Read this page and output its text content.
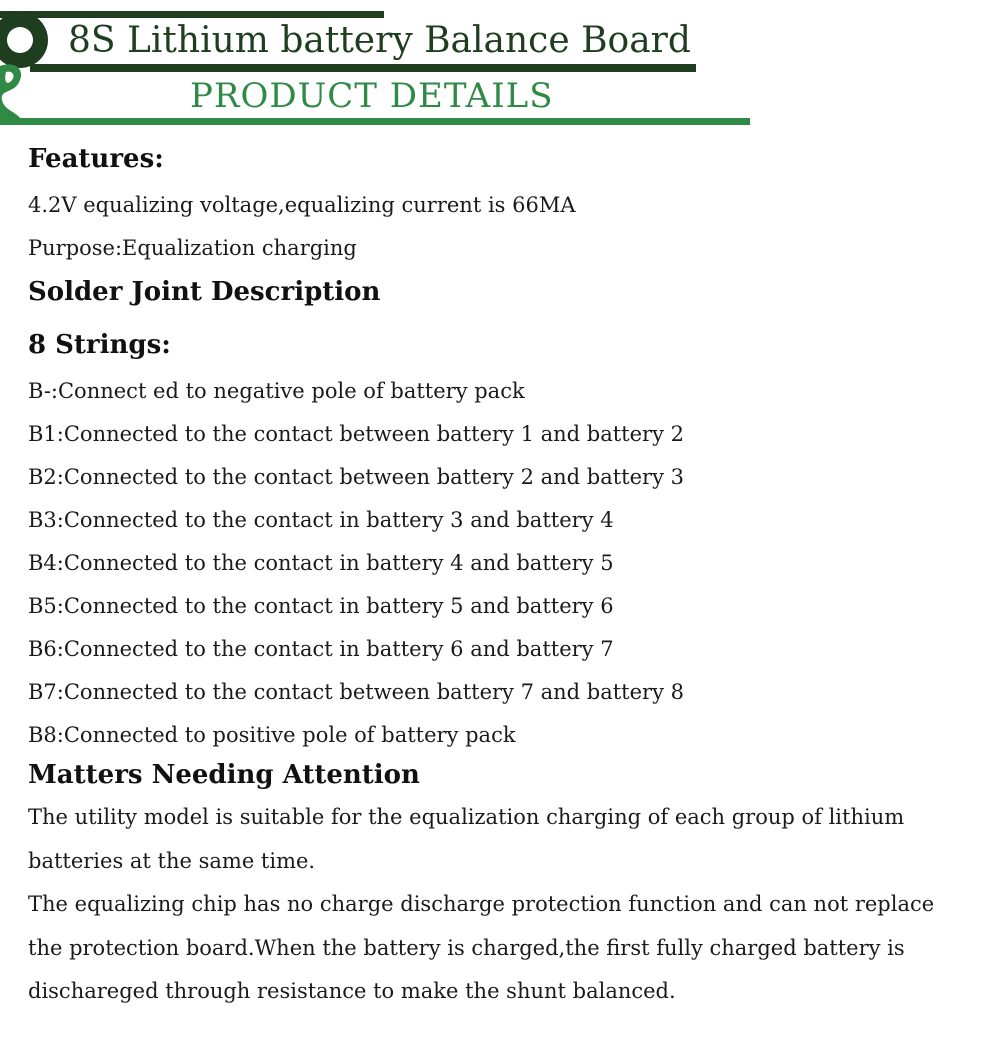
8S Lithium battery Balance Board
PRODUCT DETAILS

Features:

4.2V equalizing voltage,equalizing current is 66MA

Purpose:Equalization charging

Solder Joint Description

8 Strings:

B-:Connect ed to negative pole of battery pack

B1:Connected to the contact between battery 1 and battery 2

B2:Connected to the contact between battery 2 and battery 3

B3:Connected to the contact in battery 3 and battery 4

B4:Connected to the contact in battery 4 and battery 5

B5:Connected to the contact in battery 5 and battery 6

B6:Connected to the contact in battery 6 and battery 7

B7:Connected to the contact between battery 7 and battery 8

B8:Connected to positive pole of battery pack

Matters Needing Attention

The utility model is suitable for the equalization charging of each group of lithium batteries at the same time.

The equalizing chip has no charge discharge protection function and can not replace the protection board.When the battery is charged,the first fully charged battery is dischareged through resistance to make the shunt balanced.
